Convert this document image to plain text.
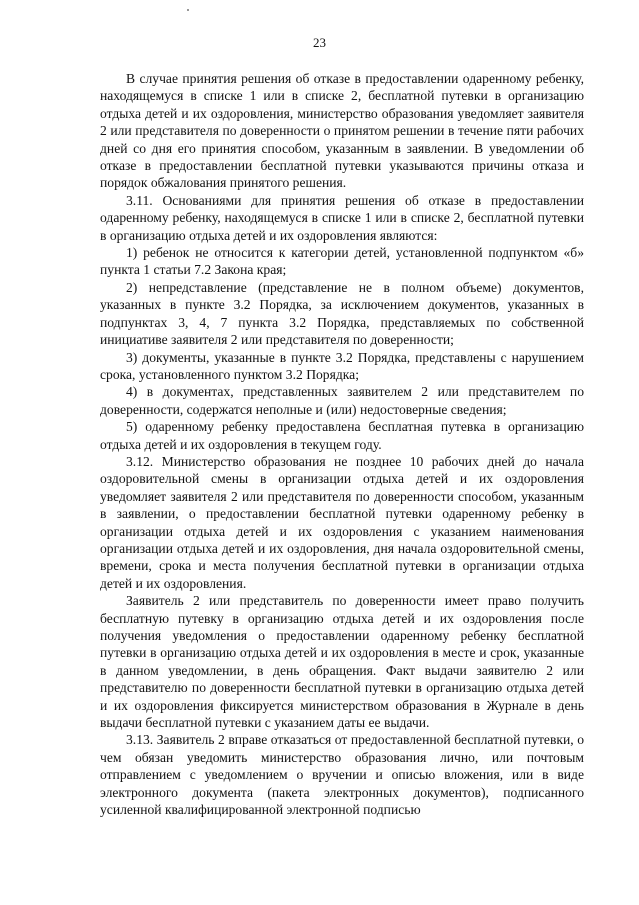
23

В случае принятия решения об отказе в предоставлении одаренному ребенку, находящемуся в списке 1 или в списке 2, бесплатной путевки в организацию отдыха детей и их оздоровления, министерство образования уведомляет заявителя 2 или представителя по доверенности о принятом решении в течение пяти рабочих дней со дня его принятия способом, указанным в заявлении. В уведомлении об отказе в предоставлении бесплатной путевки указываются причины отказа и порядок обжалования принятого решения.

3.11. Основаниями для принятия решения об отказе в предоставлении одаренному ребенку, находящемуся в списке 1 или в списке 2, бесплатной путевки в организацию отдыха детей и их оздоровления являются:

1) ребенок не относится к категории детей, установленной подпунктом «б» пункта 1 статьи 7.2 Закона края;

2) непредставление (представление не в полном объеме) документов, указанных в пункте 3.2 Порядка, за исключением документов, указанных в подпунктах 3, 4, 7 пункта 3.2 Порядка, представляемых по собственной инициативе заявителя 2 или представителя по доверенности;

3) документы, указанные в пункте 3.2 Порядка, представлены с нарушением срока, установленного пунктом 3.2 Порядка;

4) в документах, представленных заявителем 2 или представителем по доверенности, содержатся неполные и (или) недостоверные сведения;

5) одаренному ребенку предоставлена бесплатная путевка в организацию отдыха детей и их оздоровления в текущем году.

3.12. Министерство образования не позднее 10 рабочих дней до начала оздоровительной смены в организации отдыха детей и их оздоровления уведомляет заявителя 2 или представителя по доверенности способом, указанным в заявлении, о предоставлении бесплатной путевки одаренному ребенку в организации отдыха детей и их оздоровления с указанием наименования организации отдыха детей и их оздоровления, дня начала оздоровительной смены, времени, срока и места получения бесплатной путевки в организации отдыха детей и их оздоровления.

Заявитель 2 или представитель по доверенности имеет право получить бесплатную путевку в организацию отдыха детей и их оздоровления после получения уведомления о предоставлении одаренному ребенку бесплатной путевки в организацию отдыха детей и их оздоровления в месте и срок, указанные в данном уведомлении, в день обращения. Факт выдачи заявителю 2 или представителю по доверенности бесплатной путевки в организацию отдыха детей и их оздоровления фиксируется министерством образования в Журнале в день выдачи бесплатной путевки с указанием даты ее выдачи.

3.13. Заявитель 2 вправе отказаться от предоставленной бесплатной путевки, о чем обязан уведомить министерство образования лично, или почтовым отправлением с уведомлением о вручении и описью вложения, или в виде электронного документа (пакета электронных документов), подписанного усиленной квалифицированной электронной подписью
